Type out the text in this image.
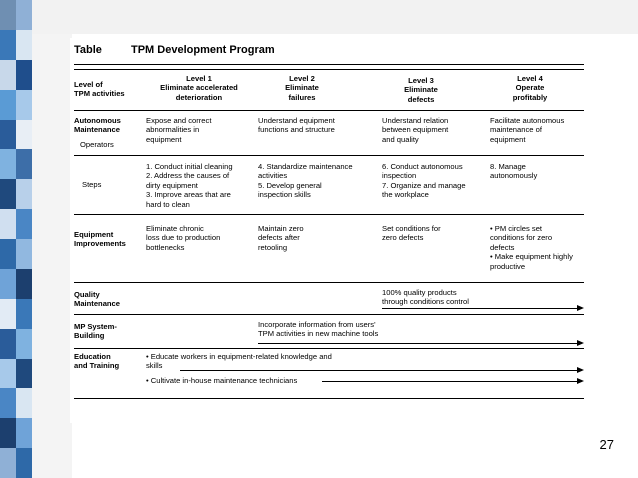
Table	TPM Development Program
Level of
TPM activities
Level 1
Eliminate accelerated
deterioration
Level 2
Eliminate
failures
Level 3
Eliminate
defects
Level 4
Operate
profitably
Autonomous
Maintenance
Operators
Expose and correct
abnormalities in
equipment
Understand equipment
functions and structure
Understand relation
between equipment
and quality
Facilitate autonomous
maintenance of
equipment
Steps
1. Conduct initial cleaning
2. Address the causes of
dirty equipment
3. Improve areas that are
hard to clean
4. Standardize maintenance
activities
5. Develop general
inspection skills
6. Conduct autonomous
inspection
7. Organize and manage
the workplace
8. Manage
autonomously
Equipment
Improvements
Eliminate chronic
loss due to production
bottlenecks
Maintain zero
defects after
retooling
Set conditions for
zero defects
• PM circles set
conditions for zero
defects
• Make equipment highly
productive
Quality
Maintenance
100% quality products
through conditions control
MP System-
Building
Incorporate information from users'
TPM activities in new machine tools
Education
and Training
• Educate workers in equipment-related knowledge and
skills
• Cultivate in-house maintenance technicians
27
